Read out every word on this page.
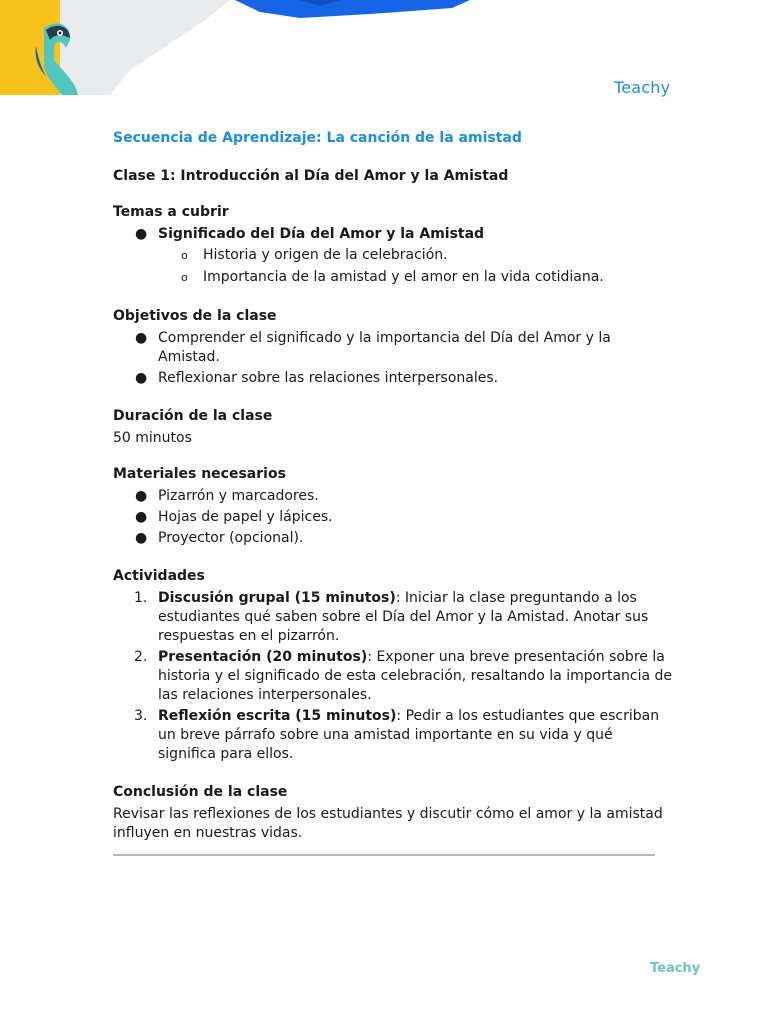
Teachy
Secuencia de Aprendizaje: La canción de la amistad
Clase 1: Introducción al Día del Amor y la Amistad
Temas a cubrir
● Significado del Día del Amor y la Amistad
o Historia y origen de la celebración.
o Importancia de la amistad y el amor en la vida cotidiana.
Objetivos de la clase
● Comprender el significado y la importancia del Día del Amor y la Amistad.
● Reflexionar sobre las relaciones interpersonales.
Duración de la clase
50 minutos
Materiales necesarios
● Pizarrón y marcadores.
● Hojas de papel y lápices.
● Proyector (opcional).
Actividades
1. Discusión grupal (15 minutos): Iniciar la clase preguntando a los estudiantes qué saben sobre el Día del Amor y la Amistad. Anotar sus respuestas en el pizarrón.
2. Presentación (20 minutos): Exponer una breve presentación sobre la historia y el significado de esta celebración, resaltando la importancia de las relaciones interpersonales.
3. Reflexión escrita (15 minutos): Pedir a los estudiantes que escriban un breve párrafo sobre una amistad importante en su vida y qué significa para ellos.
Conclusión de la clase
Revisar las reflexiones de los estudiantes y discutir cómo el amor y la amistad influyen en nuestras vidas.
Teachy
